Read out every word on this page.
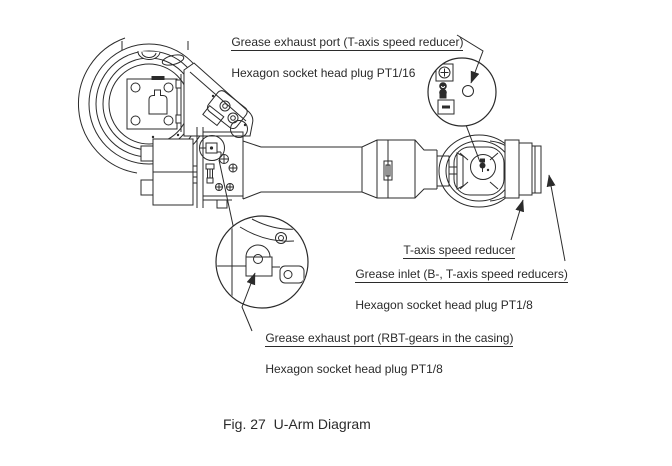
Grease exhaust port (T-axis speed reducer)

Hexagon socket head plug PT1/16

T-axis speed reducer

Grease inlet (B-, T-axis speed reducers)

Hexagon socket head plug PT1/8

Grease exhaust port (RBT-gears in the casing)

Hexagon socket head plug PT1/8

Fig. 27  U-Arm Diagram
